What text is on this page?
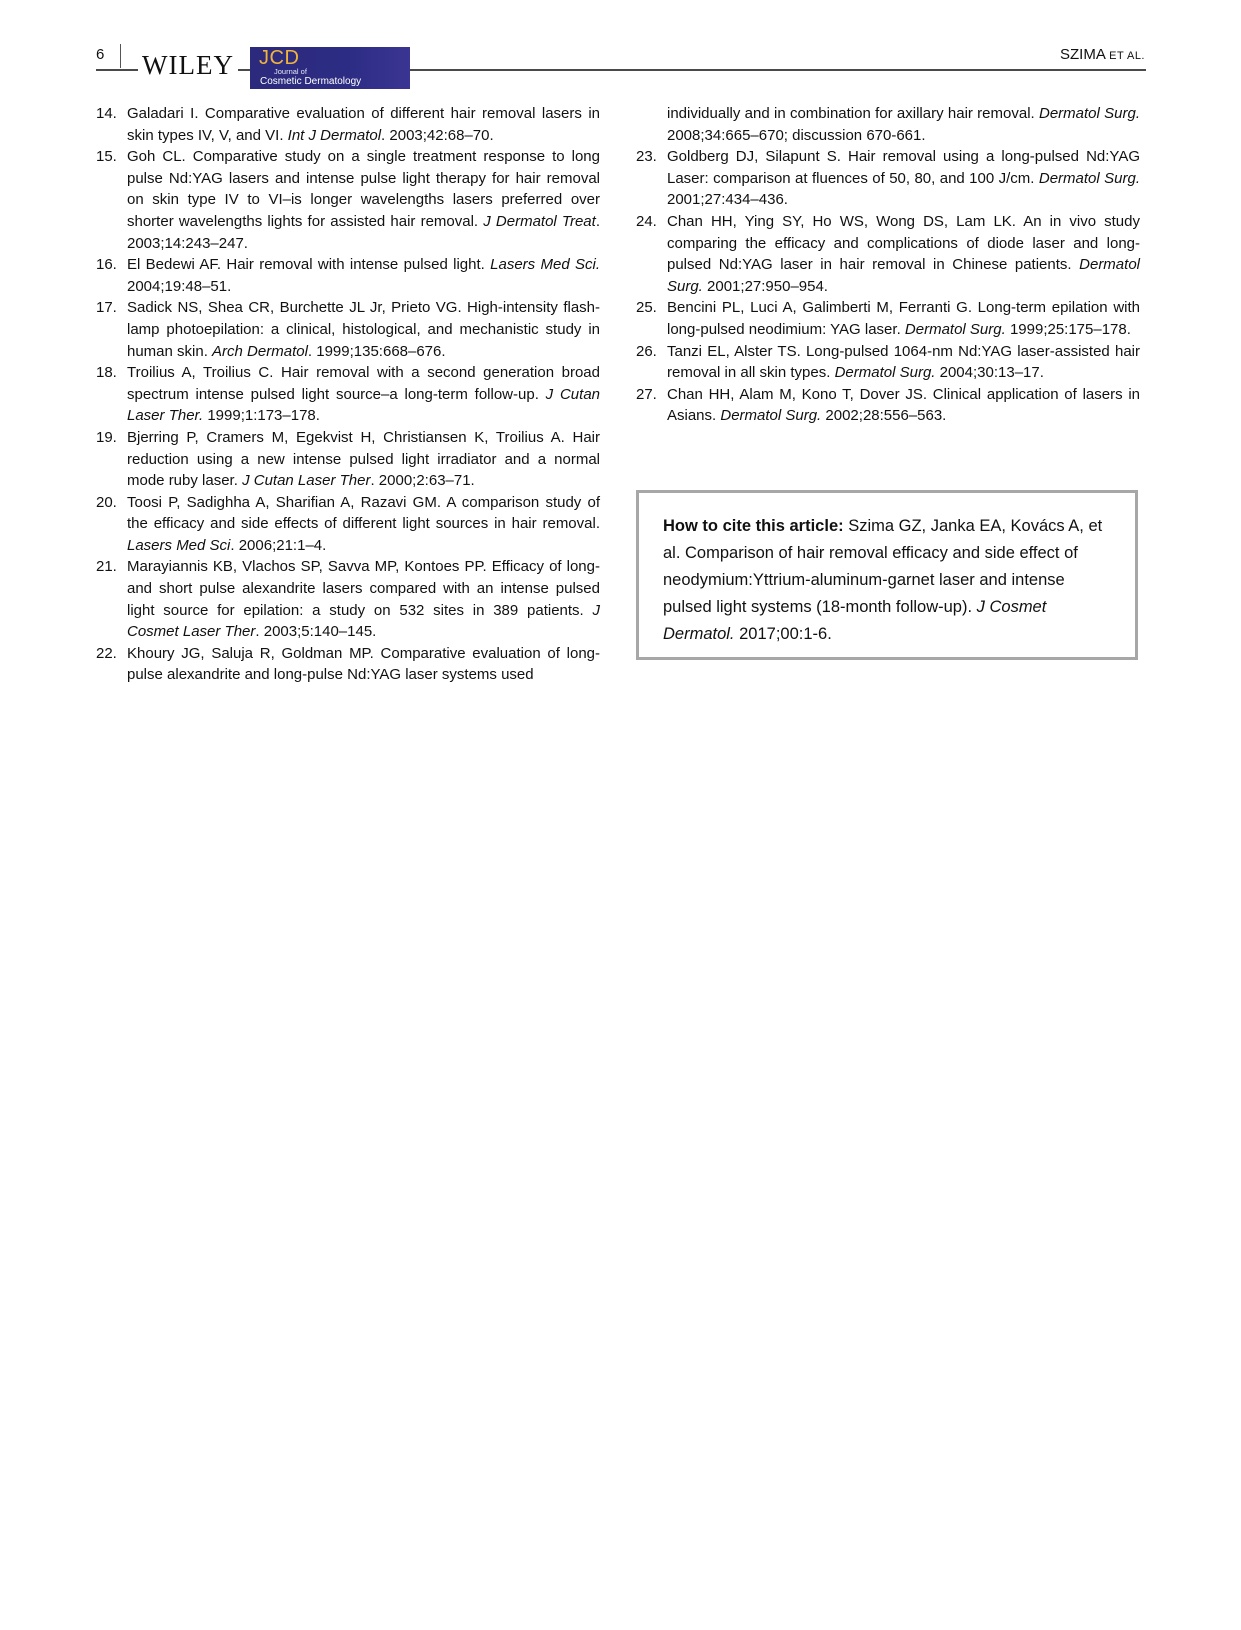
6 WILEY JCD
Journal of
Cosmetic Dermatology
SZIMA ET AL.
14. Galadari I. Comparative evaluation of different hair removal lasers in skin types IV, V, and VI. Int J Dermatol. 2003;42:68–70.
15. Goh CL. Comparative study on a single treatment response to long pulse Nd:YAG lasers and intense pulse light therapy for hair removal on skin type IV to VI–is longer wavelengths lasers preferred over shorter wavelengths lights for assisted hair removal. J Dermatol Treat. 2003;14:243–247.
16. El Bedewi AF. Hair removal with intense pulsed light. Lasers Med Sci. 2004;19:48–51.
17. Sadick NS, Shea CR, Burchette JL Jr, Prieto VG. High-intensity flash-lamp photoepilation: a clinical, histological, and mechanistic study in human skin. Arch Dermatol. 1999;135:668–676.
18. Troilius A, Troilius C. Hair removal with a second generation broad spectrum intense pulsed light source–a long-term follow-up. J Cutan Laser Ther. 1999;1:173–178.
19. Bjerring P, Cramers M, Egekvist H, Christiansen K, Troilius A. Hair reduction using a new intense pulsed light irradiator and a normal mode ruby laser. J Cutan Laser Ther. 2000;2:63–71.
20. Toosi P, Sadighha A, Sharifian A, Razavi GM. A comparison study of the efficacy and side effects of different light sources in hair removal. Lasers Med Sci. 2006;21:1–4.
21. Marayiannis KB, Vlachos SP, Savva MP, Kontoes PP. Efficacy of long- and short pulse alexandrite lasers compared with an intense pulsed light source for epilation: a study on 532 sites in 389 patients. J Cosmet Laser Ther. 2003;5:140–145.
22. Khoury JG, Saluja R, Goldman MP. Comparative evaluation of long-pulse alexandrite and long-pulse Nd:YAG laser systems used
individually and in combination for axillary hair removal. Dermatol Surg. 2008;34:665–670; discussion 670-661.
23. Goldberg DJ, Silapunt S. Hair removal using a long-pulsed Nd:YAG Laser: comparison at fluences of 50, 80, and 100 J/cm. Dermatol Surg. 2001;27:434–436.
24. Chan HH, Ying SY, Ho WS, Wong DS, Lam LK. An in vivo study comparing the efficacy and complications of diode laser and long-pulsed Nd:YAG laser in hair removal in Chinese patients. Dermatol Surg. 2001;27:950–954.
25. Bencini PL, Luci A, Galimberti M, Ferranti G. Long-term epilation with long-pulsed neodimium: YAG laser. Dermatol Surg. 1999;25:175–178.
26. Tanzi EL, Alster TS. Long-pulsed 1064-nm Nd:YAG laser-assisted hair removal in all skin types. Dermatol Surg. 2004;30:13–17.
27. Chan HH, Alam M, Kono T, Dover JS. Clinical application of lasers in Asians. Dermatol Surg. 2002;28:556–563.
How to cite this article: Szima GZ, Janka EA, Kovács A, et al. Comparison of hair removal efficacy and side effect of neodymium:Yttrium-aluminum-garnet laser and intense pulsed light systems (18-month follow-up). J Cosmet Dermatol. 2017;00:1-6.
